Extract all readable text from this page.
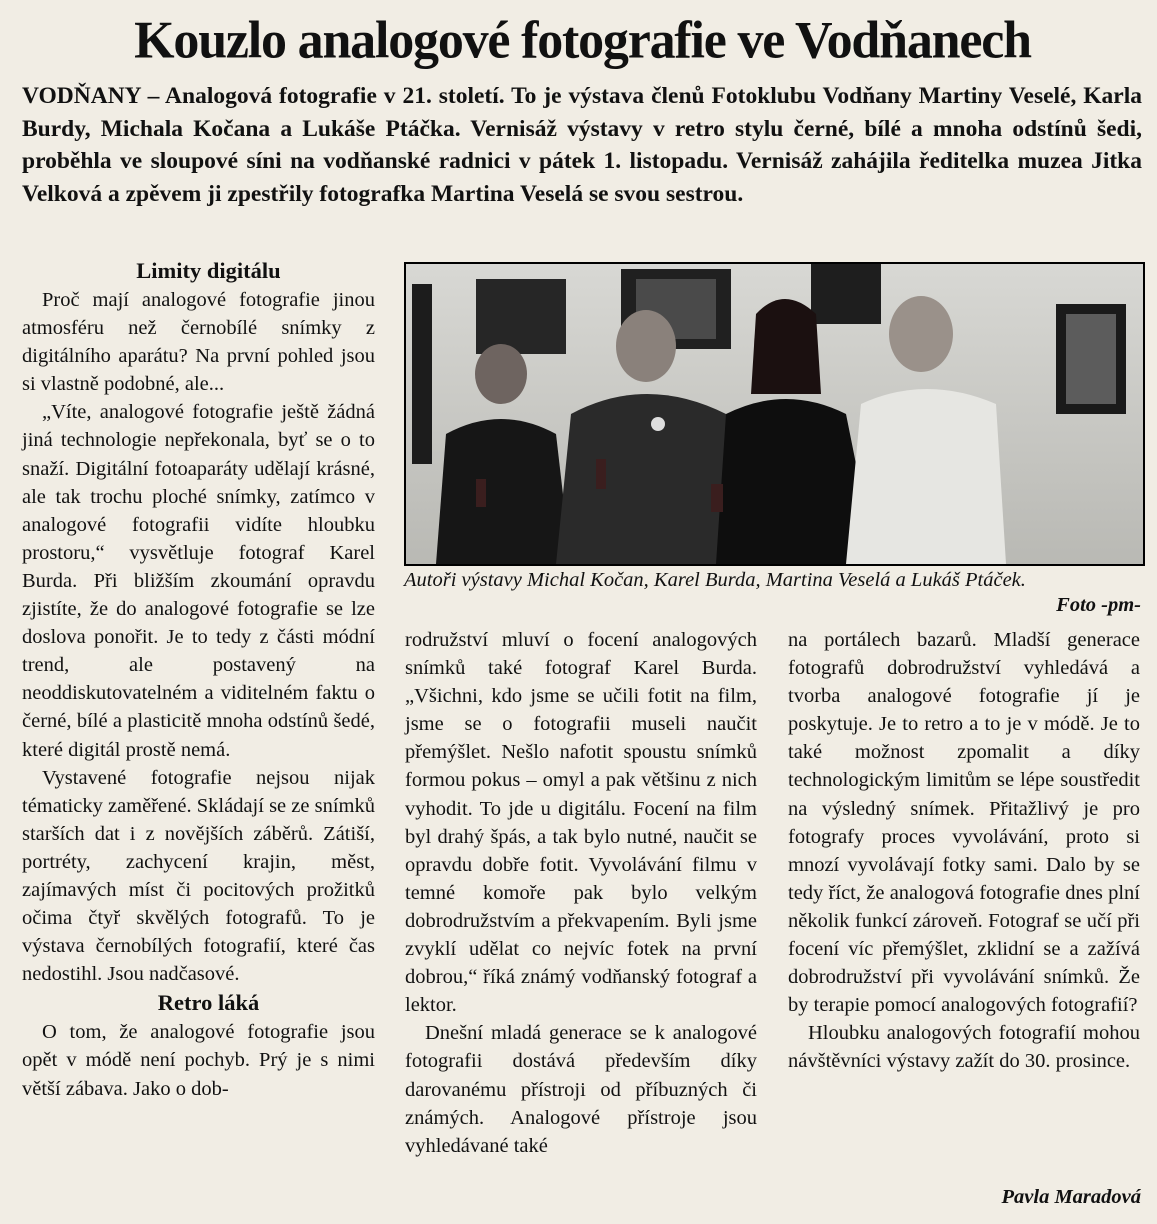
Kouzlo analogové fotografie ve Vodňanech
VODŇANY – Analogová fotografie v 21. století. To je výstava členů Fotoklubu Vodňany Martiny Veselé, Karla Burdy, Michala Kočana a Lukáše Ptáčka. Vernisáž výstavy v retro stylu černé, bílé a mnoha odstínů šedi, proběhla ve sloupové síni na vodňanské radnici v pátek 1. listopadu. Vernisáž zahájila ředitelka muzea Jitka Velková a zpěvem ji zpestřily fotografka Martina Veselá se svou sestrou.

Limity digitálu

Proč mají analogové fotografie jinou atmosféru než černobílé snímky z digitálního aparátu? Na první pohled jsou si vlastně podobné, ale...

„Víte, analogové fotografie ještě žádná jiná technologie nepřekonala, byť se o to snaží. Digitální fotoaparáty udělají krásné, ale tak trochu ploché snímky, zatímco v analogové fotografii vidíte hloubku prostoru,“ vysvětluje fotograf Karel Burda. Při bližším zkoumání opravdu zjistíte, že do analogové fotografie se lze doslova ponořit. Je to tedy z části módní trend, ale postavený na neoddiskutovatelném a viditelném faktu o černé, bílé a plasticitě mnoha odstínů šedé, které digitál prostě nemá.

Vystavené fotografie nejsou nijak tématicky zaměřené. Skládají se ze snímků starších dat i z novějších záběrů. Zátiší, portréty, zachycení krajin, měst, zajímavých míst či pocitových prožitků očima čtyř skvělých fotografů. To je výstava černobílých fotografií, které čas nedostihl. Jsou nadčasové.

Retro láká

O tom, že analogové fotografie jsou opět v módě není pochyb. Prý je s nimi větší zábava. Jako o dob-

Autoři výstavy Michal Kočan, Karel Burda, Martina Veselá a Lukáš Ptáček.
Foto -pm-

rodružství mluví o focení analogových snímků také fotograf Karel Burda. „Všichni, kdo jsme se učili fotit na film, jsme se o fotografii museli naučit přemýšlet. Nešlo nafotit spoustu snímků formou pokus – omyl a pak většinu z nich vyhodit. To jde u digitálu. Focení na film byl drahý špás, a tak bylo nutné, naučit se opravdu dobře fotit. Vyvolávání filmu v temné komoře pak bylo velkým dobrodružstvím a překvapením. Byli jsme zvyklí udělat co nejvíc fotek na první dobrou,“ říká známý vodňanský fotograf a lektor.

Dnešní mladá generace se k analogové fotografii dostává především díky darovanému přístroji od příbuzných či známých. Analogové přístroje jsou vyhledávané také

na portálech bazarů. Mladší generace fotografů dobrodružství vyhledává a tvorba analogové fotografie jí je poskytuje. Je to retro a to je v módě. Je to také možnost zpomalit a díky technologickým limitům se lépe soustředit na výsledný snímek. Přitažlivý je pro fotografy proces vyvolávání, proto si mnozí vyvolávají fotky sami. Dalo by se tedy říct, že analogová fotografie dnes plní několik funkcí zároveň. Fotograf se učí při focení víc přemýšlet, zklidní se a zažívá dobrodružství při vyvolávání snímků. Že by terapie pomocí analogových fotografií?

Hloubku analogových fotografií mohou návštěvníci výstavy zažít do 30. prosince.

Pavla Maradová
